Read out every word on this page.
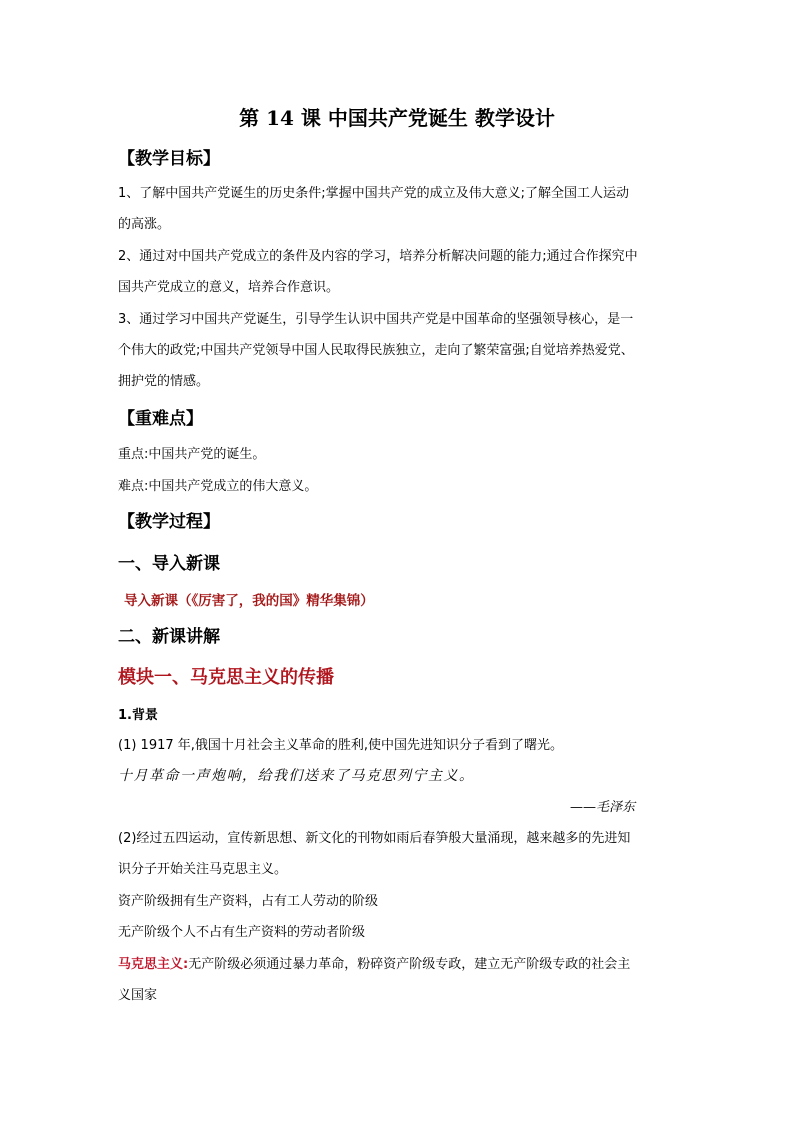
第 14 课 中国共产党诞生 教学设计
【教学目标】
1、了解中国共产党诞生的历史条件;掌握中国共产党的成立及伟大意义;了解全国工人运动
的高涨。
2、通过对中国共产党成立的条件及内容的学习，培养分析解决问题的能力;通过合作探究中
国共产党成立的意义，培养合作意识。
3、通过学习中国共产党诞生，引导学生认识中国共产党是中国革命的坚强领导核心，是一
个伟大的政党;中国共产党领导中国人民取得民族独立，走向了繁荣富强;自觉培养热爱党、
拥护党的情感。
【重难点】
重点:中国共产党的诞生。
难点:中国共产党成立的伟大意义。
【教学过程】
一、导入新课
导入新课（《厉害了，我的国》精华集锦）
二、新课讲解
模块一、马克思主义的传播
1.背景
(1) 1917 年,俄国十月社会主义革命的胜利,使中国先进知识分子看到了曙光。
十月革命一声炮响，给我们送来了马克思列宁主义。
——毛泽东
(2)经过五四运动，宣传新思想、新文化的刊物如雨后春笋般大量涌现，越来越多的先进知
识分子开始关注马克思主义。
资产阶级拥有生产资料，占有工人劳动的阶级
无产阶级个人不占有生产资料的劳动者阶级
马克思主义:无产阶级必须通过暴力革命，粉碎资产阶级专政，建立无产阶级专政的社会主
义国家
